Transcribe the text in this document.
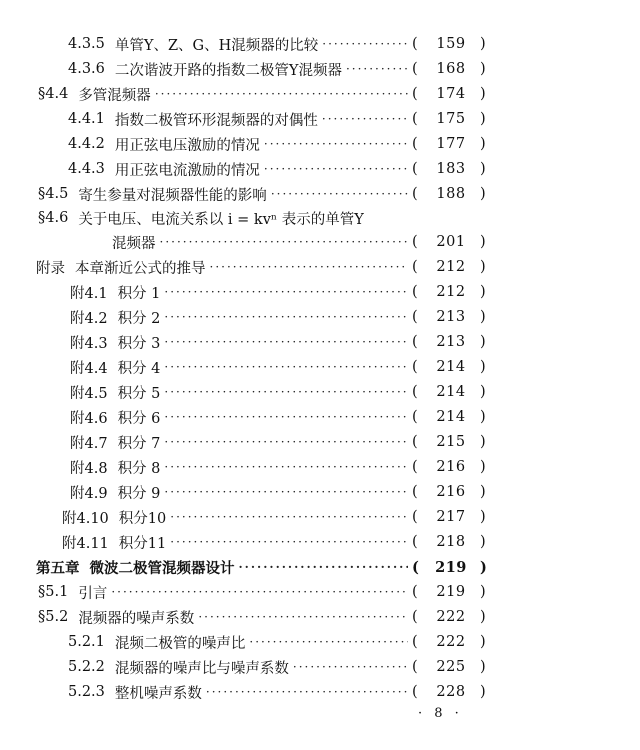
4.3.5 单管Y、Z、G、H混频器的比较 ·····	(	159 )
4.3.6 二次谐波开路的指数二极管Y混频器 ·····	(	168 )
§4.4 多管混频器 ·····	(	174 )
4.4.1 指数二极管环形混频器的对偶性 ·····	(	175 )
4.4.2 用正弦电压激励的情况 ·····	(	177 )
4.4.3 用正弦电流激励的情况 ·····	(	183 )
§4.5 寄生参量对混频器性能的影响 ·····	(	188 )
§4.6 关于电压、电流关系以 i = kvⁿ 表示的单管Y
混频器 ·····	(	201 )
附录 本章渐近公式的推导 ·····	(	212 )
附4.1 积分 1 ·····	(	212 )
附4.2 积分 2 ·····	(	213 )
附4.3 积分 3 ·····	(	213 )
附4.4 积分 4 ·····	(	214 )
附4.5 积分 5 ·····	(	214 )
附4.6 积分 6 ·····	(	214 )
附4.7 积分 7 ·····	(	215 )
附4.8 积分 8 ·····	(	216 )
附4.9 积分 9 ·····	(	216 )
附4.10 积分10 ·····	(	217 )
附4.11 积分11 ·····	(	218 )
第五章 微波二极管混频器设计 ·····	(	219 )
§5.1 引言 ·····	(	219 )
§5.2 混频器的噪声系数 ·····	(	222 )
5.2.1 混频二极管的噪声比 ·····	(	222 )
5.2.2 混频器的噪声比与噪声系数 ·····	(	225 )
5.2.3 整机噪声系数 ·····	(	228 )
· 8 ·
